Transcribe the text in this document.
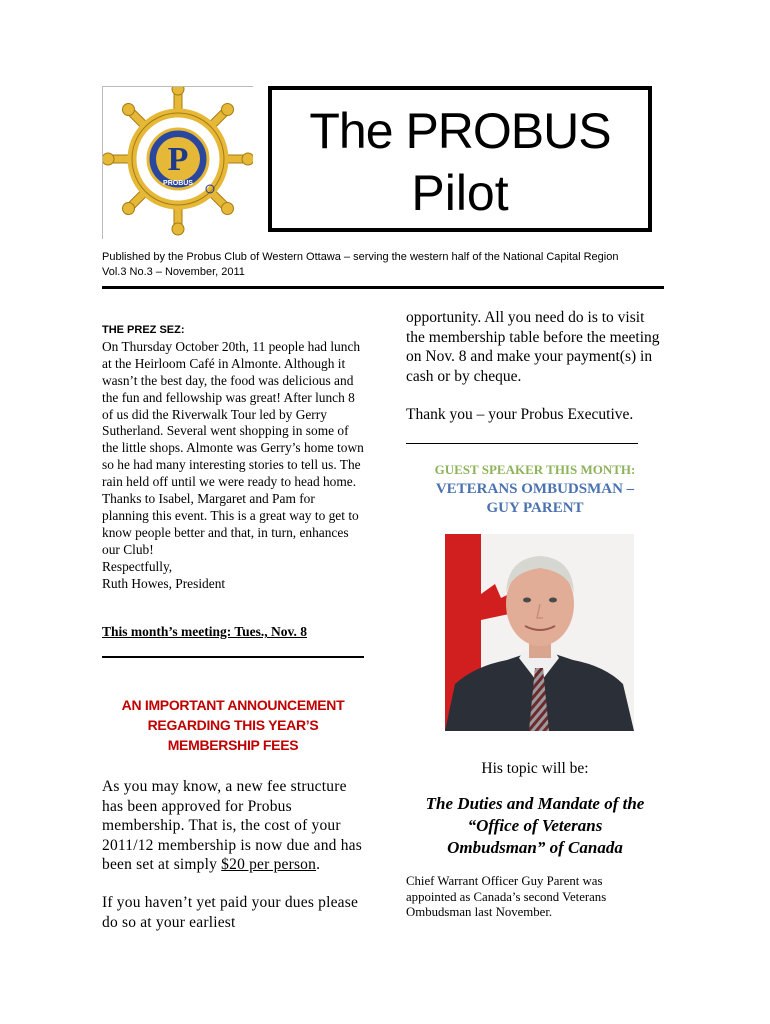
P
PROBUS
The PROBUS
Pilot
Published by the Probus Club of Western Ottawa – serving the western half of the National Capital Region
Vol.3 No.3 – November, 2011
THE PREZ SEZ:
On Thursday October 20th, 11 people had lunch at the Heirloom Café in Almonte. Although it wasn’t the best day, the food was delicious and the fun and fellowship was great! After lunch 8 of us did the Riverwalk Tour led by Gerry Sutherland. Several went shopping in some of the little shops. Almonte was Gerry’s home town so he had many interesting stories to tell us. The rain held off until we were ready to head home. Thanks to Isabel, Margaret and Pam for planning this event. This is a great way to get to know people better and that, in turn, enhances our Club!
Respectfully,
Ruth Howes, President
This month’s meeting: Tues., Nov. 8
AN IMPORTANT ANNOUNCEMENT
REGARDING THIS YEAR’S
MEMBERSHIP FEES
As you may know, a new fee structure has been approved for Probus membership. That is, the cost of your 2011/12 membership is now due and has been set at simply $20 per person.
If you haven’t yet paid your dues please do so at your earliest
opportunity. All you need do is to visit the membership table before the meeting on Nov. 8 and make your payment(s) in cash or by cheque.
Thank you – your Probus Executive.
GUEST SPEAKER THIS MONTH:
VETERANS OMBUDSMAN –
GUY PARENT
His topic will be:
The Duties and Mandate of the
“Office of Veterans
Ombudsman” of Canada
Chief Warrant Officer Guy Parent was appointed as Canada’s second Veterans Ombudsman last November.
